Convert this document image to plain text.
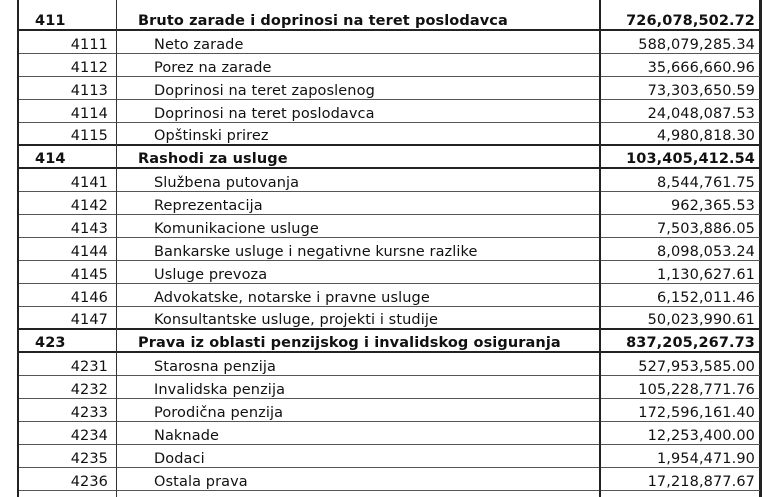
411	Bruto zarade i doprinosi na teret poslodavca	726,078,502.72
4111	Neto zarade	588,079,285.34
4112	Porez na zarade	35,666,660.96
4113	Doprinosi na teret zaposlenog	73,303,650.59
4114	Doprinosi na teret poslodavca	24,048,087.53
4115	Opštinski prirez	4,980,818.30
414	Rashodi za usluge	103,405,412.54
4141	Službena putovanja	8,544,761.75
4142	Reprezentacija	962,365.53
4143	Komunikacione usluge	7,503,886.05
4144	Bankarske usluge i negativne kursne razlike	8,098,053.24
4145	Usluge prevoza	1,130,627.61
4146	Advokatske, notarske i pravne usluge	6,152,011.46
4147	Konsultantske usluge, projekti i studije	50,023,990.61
423	Prava iz oblasti penzijskog i invalidskog osiguranja	837,205,267.73
4231	Starosna penzija	527,953,585.00
4232	Invalidska penzija	105,228,771.76
4233	Porodična penzija	172,596,161.40
4234	Naknade	12,253,400.00
4235	Dodaci	1,954,471.90
4236	Ostala prava	17,218,877.67
